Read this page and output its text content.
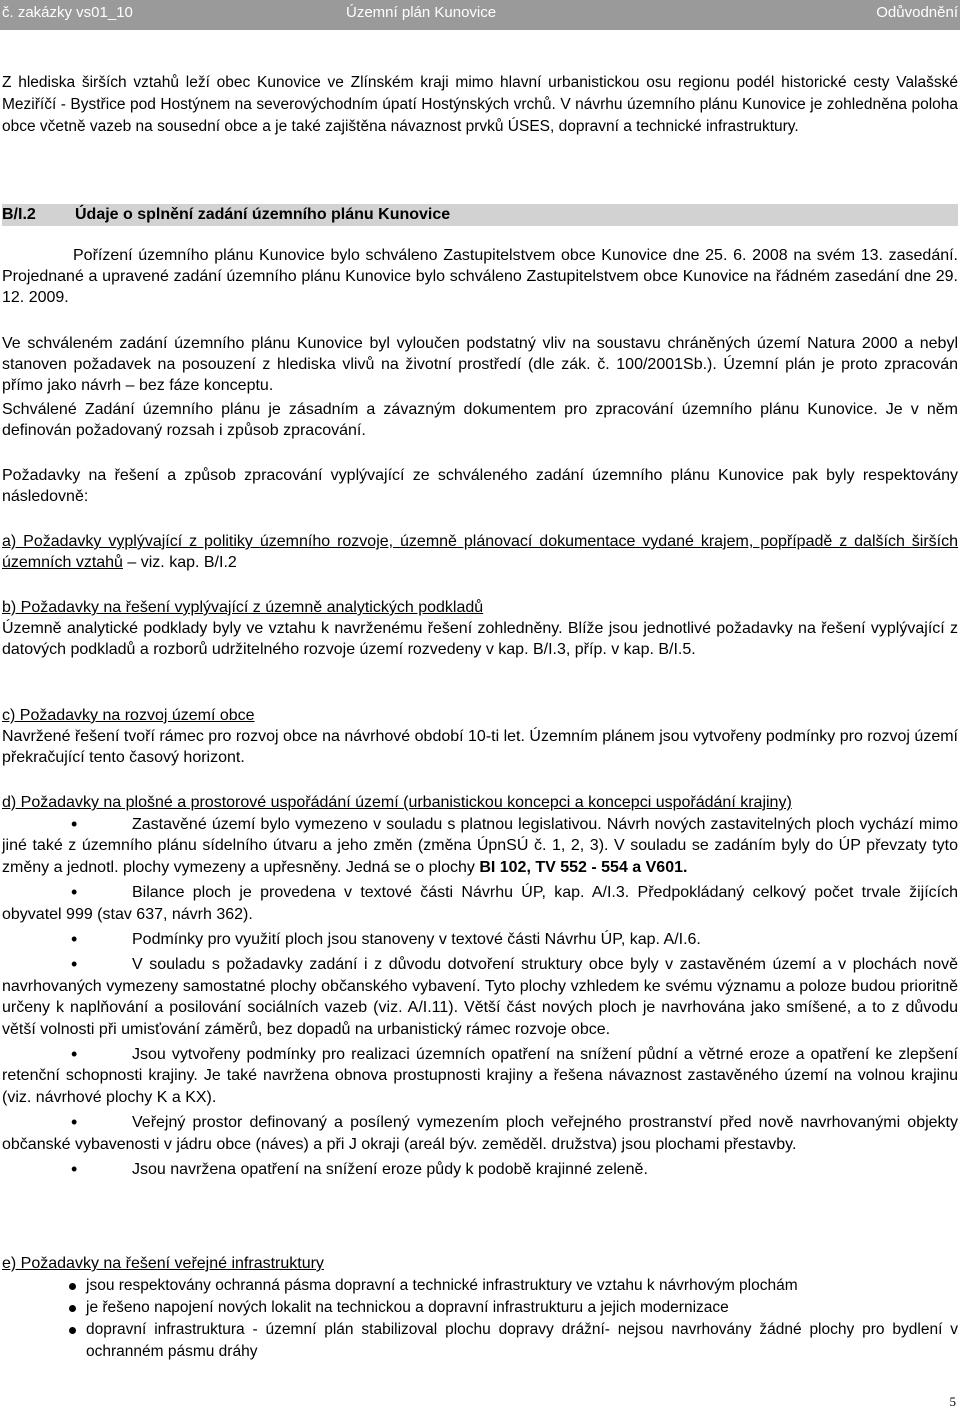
č. zakázky vs01_10	Územní plán Kunovice	Odůvodnění

Z hlediska širších vztahů leží obec Kunovice ve Zlínském kraji mimo hlavní urbanistickou osu regionu podél historické cesty Valašské Meziříčí - Bystřice pod Hostýnem na severovýchodním úpatí Hostýnských vrchů. V návrhu územního plánu Kunovice je zohledněna poloha obce včetně vazeb na sousední obce a je také zajištěna návaznost prvků ÚSES, dopravní a technické infrastruktury.

B/I.2 Údaje o splnění zadání územního plánu Kunovice

Pořízení územního plánu Kunovice bylo schváleno Zastupitelstvem obce Kunovice dne 25. 6. 2008 na svém 13. zasedání. Projednané a upravené zadání územního plánu Kunovice bylo schváleno Zastupitelstvem obce Kunovice na řádném zasedání dne 29. 12. 2009.

Ve schváleném zadání územního plánu Kunovice byl vyloučen podstatný vliv na soustavu chráněných území Natura 2000 a nebyl stanoven požadavek na posouzení z hlediska vlivů na životní prostředí (dle zák. č. 100/2001Sb.). Územní plán je proto zpracován přímo jako návrh – bez fáze konceptu.

Schválené Zadání územního plánu je zásadním a závazným dokumentem pro zpracování územního plánu Kunovice. Je v něm definován požadovaný rozsah i způsob zpracování.

Požadavky na řešení a způsob zpracování vyplývající ze schváleného zadání územního plánu Kunovice pak byly respektovány následovně:

a) Požadavky vyplývající z politiky územního rozvoje, územně plánovací dokumentace vydané krajem, popřípadě z dalších širších územních vztahů – viz. kap. B/I.2

b) Požadavky na řešení vyplývající z územně analytických podkladů

Územně analytické podklady byly ve vztahu k navrženému řešení zohledněny. Blíže jsou jednotlivé požadavky na řešení vyplývající z datových podkladů a rozborů udržitelného rozvoje území rozvedeny v kap. B/I.3, příp. v kap. B/I.5.

c) Požadavky na rozvoj území obce

Navržené řešení tvoří rámec pro rozvoj obce na návrhové období 10-ti let. Územním plánem jsou vytvořeny podmínky pro rozvoj území překračující tento časový horizont.

d) Požadavky na plošné a prostorové uspořádání území (urbanistickou koncepci a koncepci uspořádání krajiny)

• Zastavěné území bylo vymezeno v souladu s platnou legislativou. Návrh nových zastavitelných ploch vychází mimo jiné také z územního plánu sídelního útvaru a jeho změn (změna ÚpnSÚ č. 1, 2, 3). V souladu se zadáním byly do ÚP převzaty tyto změny a jednotl. plochy vymezeny a upřesněny. Jedná se o plochy BI 102, TV 552 - 554 a V601.
• Bilance ploch je provedena v textové části Návrhu ÚP, kap. A/I.3. Předpokládaný celkový počet trvale žijících obyvatel 999 (stav 637, návrh 362).
• Podmínky pro využití ploch jsou stanoveny v textové části Návrhu ÚP, kap. A/I.6.
• V souladu s požadavky zadání i z důvodu dotvoření struktury obce byly v zastavěném území a v plochách nově navrhovaných vymezeny samostatné plochy občanského vybavení. Tyto plochy vzhledem ke svému významu a poloze budou prioritně určeny k naplňování a posilování sociálních vazeb (viz. A/I.11). Větší část nových ploch je navrhována jako smíšené, a to z důvodu větší volnosti při umisťování záměrů, bez dopadů na urbanistický rámec rozvoje obce.
• Jsou vytvořeny podmínky pro realizaci územních opatření na snížení půdní a větrné eroze a opatření ke zlepšení retenční schopnosti krajiny. Je také navržena obnova prostupnosti krajiny a řešena návaznost zastavěného území na volnou krajinu (viz. návrhové plochy K a KX).
• Veřejný prostor definovaný a posílený vymezením ploch veřejného prostranství před nově navrhovanými objekty občanské vybavenosti v jádru obce (náves) a při J okraji (areál býv. zeměděl. družstva) jsou plochami přestavby.
• Jsou navržena opatření na snížení eroze půdy k podobě krajinné zeleně.

e) Požadavky na řešení veřejné infrastruktury

jsou respektovány ochranná pásma dopravní a technické infrastruktury ve vztahu k návrhovým plochám
je řešeno napojení nových lokalit na technickou a dopravní infrastrukturu a jejich modernizace
dopravní infrastruktura - územní plán stabilizoval plochu dopravy drážní- nejsou navrhovány žádné plochy pro bydlení v ochranném pásmu dráhy
5
